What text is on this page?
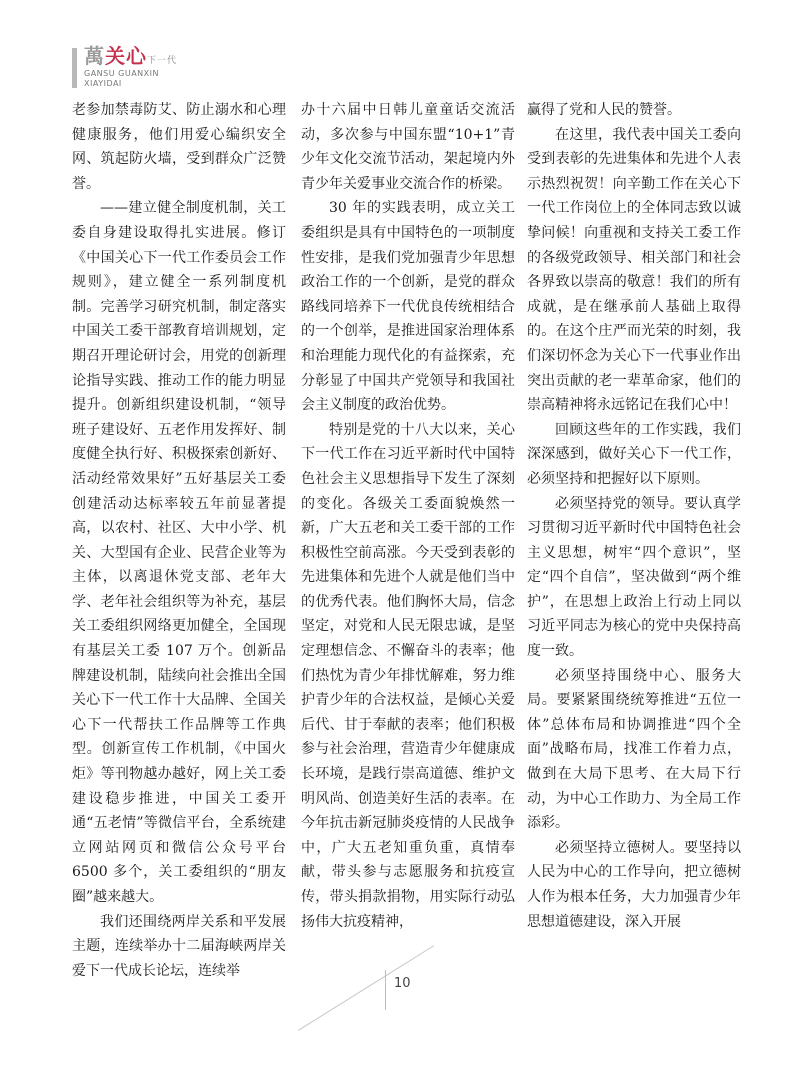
萬关心下一代
GANSU GUANXIN
XIAYIDAI

老参加禁毒防艾、防止溺水和心理健康服务，他们用爱心编织安全网、筑起防火墙，受到群众广泛赞誉。

——建立健全制度机制，关工委自身建设取得扎实进展。修订《中国关心下一代工作委员会工作规则》，建立健全一系列制度机制。完善学习研究机制，制定落实中国关工委干部教育培训规划，定期召开理论研讨会，用党的创新理论指导实践、推动工作的能力明显提升。创新组织建设机制，“领导班子建设好、五老作用发挥好、制度健全执行好、积极探索创新好、活动经常效果好”五好基层关工委创建活动达标率较五年前显著提高，以农村、社区、大中小学、机关、大型国有企业、民营企业等为主体，以离退休党支部、老年大学、老年社会组织等为补充，基层关工委组织网络更加健全，全国现有基层关工委 107 万个。创新品牌建设机制，陆续向社会推出全国关心下一代工作十大品牌、全国关心下一代帮扶工作品牌等工作典型。创新宣传工作机制，《中国火炬》等刊物越办越好，网上关工委建设稳步推进，中国关工委开通“五老情”等微信平台，全系统建立网站网页和微信公众号平台 6500 多个，关工委组织的“朋友圈”越来越大。

我们还围绕两岸关系和平发展主题，连续举办十二届海峡两岸关爱下一代成长论坛，连续举

办十六届中日韩儿童童话交流活动，多次参与中国东盟“10+1”青少年文化交流节活动，架起境内外青少年关爱事业交流合作的桥梁。

30 年的实践表明，成立关工委组织是具有中国特色的一项制度性安排，是我们党加强青少年思想政治工作的一个创新，是党的群众路线同培养下一代优良传统相结合的一个创举，是推进国家治理体系和治理能力现代化的有益探索，充分彰显了中国共产党领导和我国社会主义制度的政治优势。

特别是党的十八大以来，关心下一代工作在习近平新时代中国特色社会主义思想指导下发生了深刻的变化。各级关工委面貌焕然一新，广大五老和关工委干部的工作积极性空前高涨。今天受到表彰的先进集体和先进个人就是他们当中的优秀代表。他们胸怀大局，信念坚定，对党和人民无限忠诚，是坚定理想信念、不懈奋斗的表率；他们热忱为青少年排忧解难，努力维护青少年的合法权益，是倾心关爱后代、甘于奉献的表率；他们积极参与社会治理，营造青少年健康成长环境，是践行崇高道德、维护文明风尚、创造美好生活的表率。在今年抗击新冠肺炎疫情的人民战争中，广大五老知重负重，真情奉献，带头参与志愿服务和抗疫宣传，带头捐款捐物，用实际行动弘扬伟大抗疫精神，

赢得了党和人民的赞誉。

在这里，我代表中国关工委向受到表彰的先进集体和先进个人表示热烈祝贺！向辛勤工作在关心下一代工作岗位上的全体同志致以诚挚问候！向重视和支持关工委工作的各级党政领导、相关部门和社会各界致以崇高的敬意！我们的所有成就，是在继承前人基础上取得的。在这个庄严而光荣的时刻，我们深切怀念为关心下一代事业作出突出贡献的老一辈革命家，他们的崇高精神将永远铭记在我们心中！

回顾这些年的工作实践，我们深深感到，做好关心下一代工作，必须坚持和把握好以下原则。

必须坚持党的领导。要认真学习贯彻习近平新时代中国特色社会主义思想，树牢“四个意识”，坚定“四个自信”，坚决做到“两个维护”，在思想上政治上行动上同以习近平同志为核心的党中央保持高度一致。

必须坚持围绕中心、服务大局。要紧紧围绕统筹推进“五位一体”总体布局和协调推进“四个全面”战略布局，找准工作着力点，做到在大局下思考、在大局下行动，为中心工作助力、为全局工作添彩。

必须坚持立德树人。要坚持以人民为中心的工作导向，把立德树人作为根本任务，大力加强青少年思想道德建设，深入开展

10
